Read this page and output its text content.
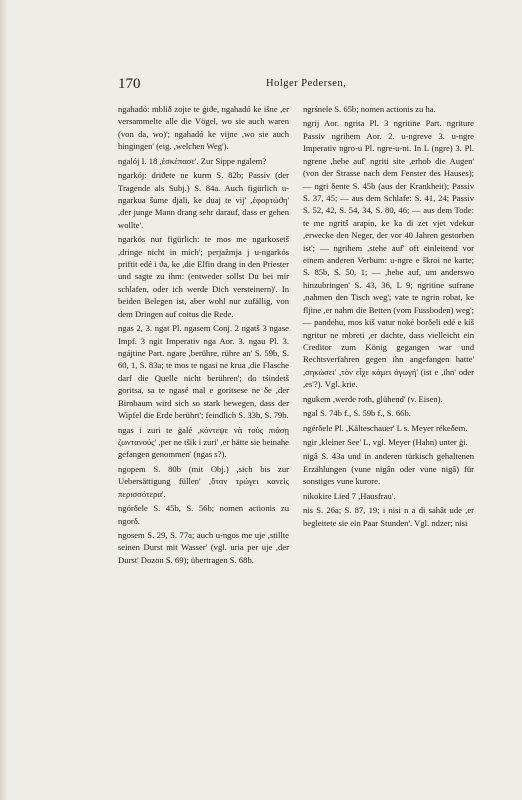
170	Holger Pedersen,

ngahadó: mbliδ zojte te ģiϑe, ngahadó ke išne ,er versammelte alle die Vögel, wo sie auch waren (von da, wo)'; ngahadó ke vijne ,wo sie auch hingingen' (eig. ,welchen Weg').

ngalój I. 18 ,ἐσκέπασε'. Zur Sippe ngalem?

ngarkój: driϑete ne kurm S. 82b; Passiv (der Tragende als Subj.) S. 84a. Auch figürlich u-ngarkua šume djali, ke duaj te vij' ,ἐφορτώϑη' ,der junge Mann drang sehr darauf, dass er gehen wollte'.

ngarkós nur figürlich: te mos me ngarkosetš ,dringe nicht in mich'; perjažmja j u-ngarkós priftit edé i ϑa, ke ,die Elfin drang in den Priester und sagte zu ihm: (entweder sollst Du bei mir schlafen, oder ich werde Dich versteinern)'. In beiden Belegen ist, aber wohl nur zufällig, von dem Dringen auf coitus die Rede.

ngas 2, 3. ngat Pl. ngasem Conj. 2 ngatš 3 ngase Impf. 3 ngit Imperativ nga Aor. 3. ngau Pl. 3. ngájtine Part. ngare ,berühre, rühre an' S. 59b, S. 60, 1, S. 83a; te mos te ngasi ne krua ,die Flasche darf die Quelle nicht berühren'; do tśindetš goritsa, sa te ngasé mal e goritsese ne δe ,der Birnbaum wird sich so stark bewegen, dass der Wipfel die Erde berührt'; feindlich S. 33b, S. 79b.

ngas i zuri te ģalé ,κόντεψε νὰ τοὺς πιάσῃ ζωντανούς' ,per ne tšik i zuri' ,er hätte sie beinahe gefangen genommen' (ngas s?).

ngopem S. 80b (mit Obj.) ,sich bis zur Uebersättigung füllen' ,ὅταν τρώγει κανεὶς περισσότερα'.

ngórδele S. 45b, S. 56b; nomen actionis zu ngorδ.

ngosem S. 29, S. 77a; auch u-ngos me uje ,stillte seinen Durst mit Wasser' (vgl. uria per uje ,der Durst' Dozon S. 69); übertragen S. 68b.

ngrśnele S. 65b; nomen actionis zu ha.

ngrij Aor. ngrita Pl. 3 ngritine Part. ngriture Passiv ngrihem Aor. 2. u-ngreve 3. u-ngre Imperativ ngro-u Pl. ngre-u-ni. In L (ngre) 3. Pl. ngrene ,hebe auf' ngriti site ,erhob die Augen' (von der Strasse nach dem Fenster des Hauses); — ngri δente S. 45b (aus der Krankheit); Passiv S. 37, 45; — aus dem Schlafe: S. 41, 24; Passiv S. 52, 42, S. 54, 34, S. 80, 46; — aus dem Tode: te me ngritš arapin, ke ka di zet vjet vdekur ,erwecke den Neger, der vor 40 Jahren gestorben ist'; — ngrihem ,stehe auf' oft einleitend vor einem anderen Verbum: u-ngre e škroi ne karte; S. 85b, S. 50, 1; — ,hebe auf, um anderswo hinzubringen' S. 43, 36, L 9; ngritine sufrane ,nahmen den Tisch weg'; vate te ngrin robat, ke fljine ,er nahm die Betten (vom Fussboden) weg'; — pandehu, mos kiš vatur noké borδeli edé e kiš ngritur ne mbreti ,er dachte, dass vielleicht ein Creditor zum König gegangen war und Rechtsverfahren gegen ihn angefangen hatte' ,σηκώσει' ,τὸν εἶχε κάμει ἀγωγή' (ist e ,ihn' oder ,es'?). Vgl. krie.

ngukem ,werde roth, glühend' (v. Eisen).

ngal S. 74b f., S. 59b f., S. 66b.

ngérδele Pl. ,Kälteschauer' L s. Meyer rékeδem.

ngir ,kleiner See' L, vgl. Meyer (Hahn) unter ģi.

nigâ S. 43a und in anderen türkisch gehaltenen Erzählungen (vune nigân oder vune nigâ) für sonstiges vune kurore.

nikokire Lied 7 ,Hausfrau'.

nis S. 26a; S. 87, 19; i nisi n a di sahât ude ,er begleitete sie ein Paar Stunden'. Vgl. ndzer; nisi
